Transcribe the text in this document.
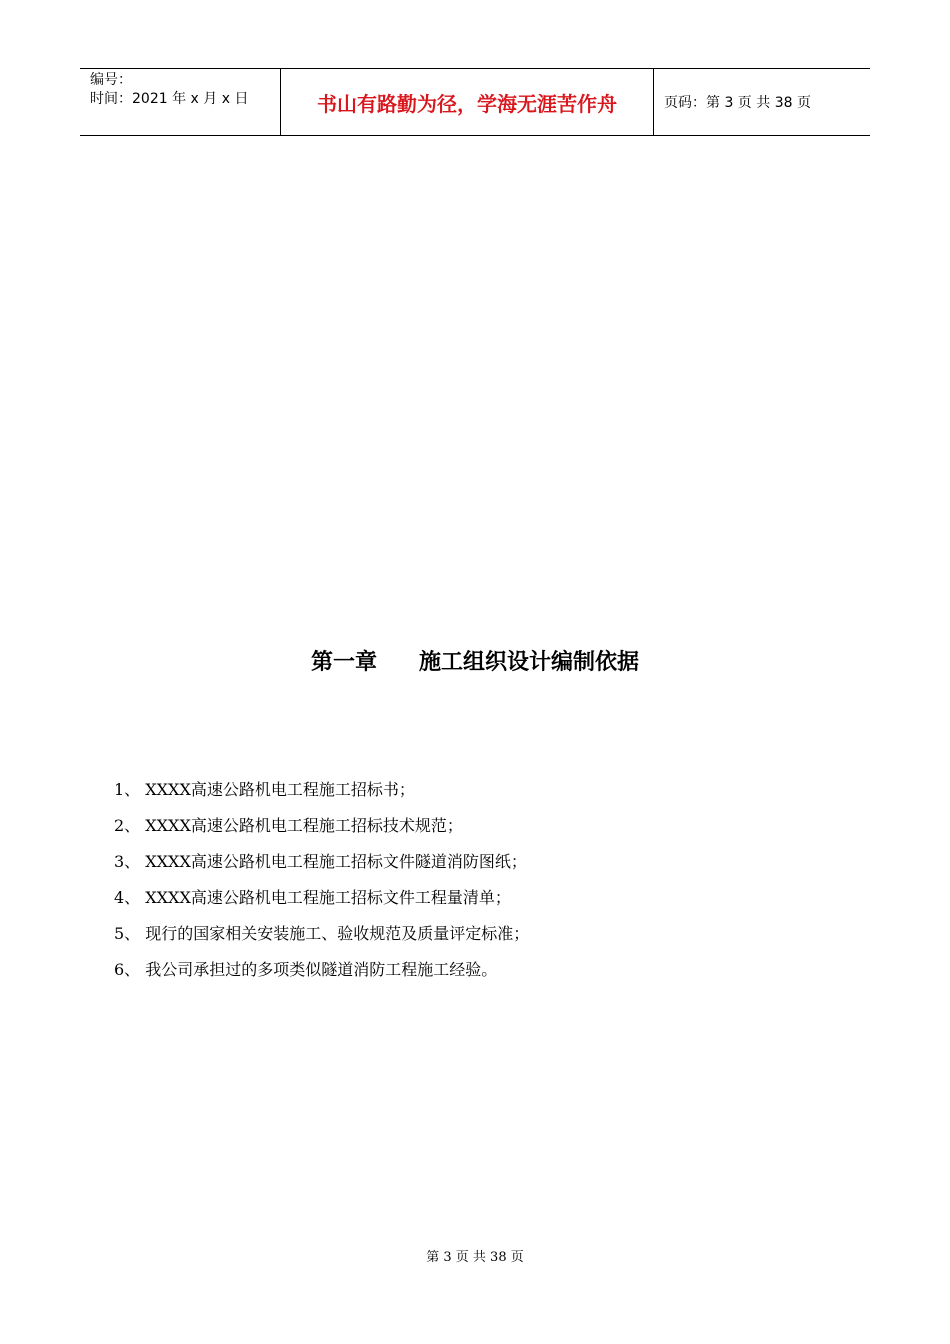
编号：
时间：2021 年 x 月 x 日	书山有路勤为径，学海无涯苦作舟	页码：第 3 页 共 38 页
第一章 施工组织设计编制依据
1、 XXXX高速公路机电工程施工招标书；
2、 XXXX高速公路机电工程施工招标技术规范；
3、 XXXX高速公路机电工程施工招标文件隧道消防图纸；
4、 XXXX高速公路机电工程施工招标文件工程量清单；
5、 现行的国家相关安装施工、验收规范及质量评定标准；
6、 我公司承担过的多项类似隧道消防工程施工经验。
第 3 页 共 38 页
